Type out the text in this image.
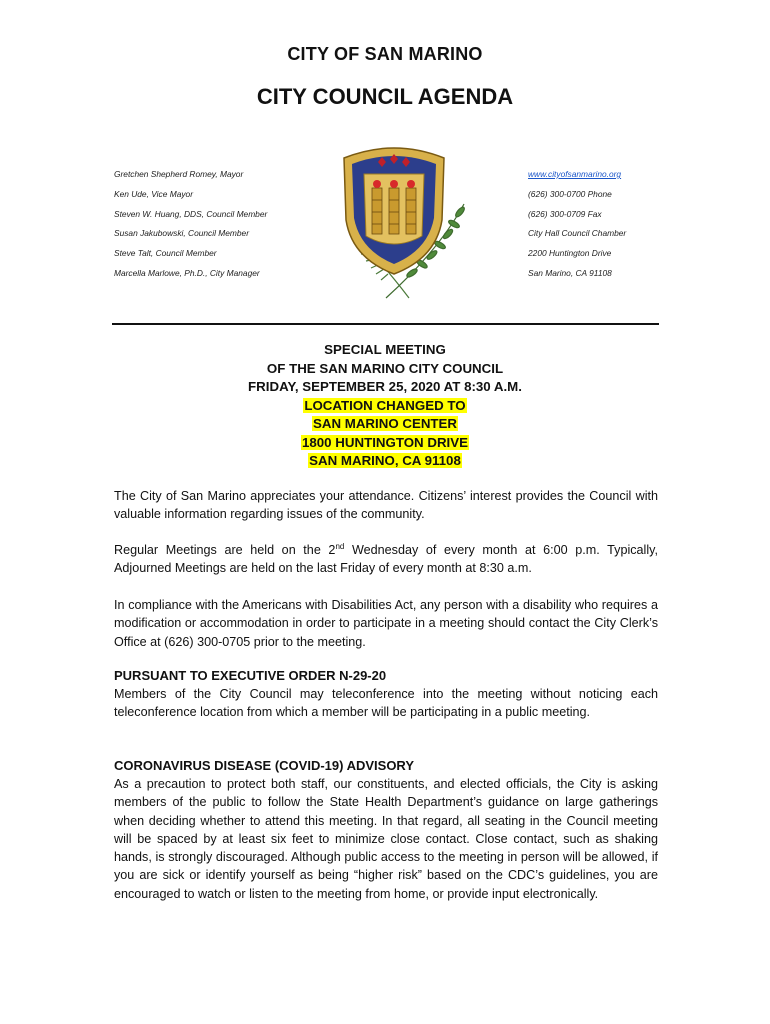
CITY OF SAN MARINO
CITY COUNCIL AGENDA
Gretchen Shepherd Romey, Mayor
Ken Ude, Vice Mayor
Steven W. Huang, DDS, Council Member
Susan Jakubowski, Council Member
Steve Talt, Council Member
Marcella Marlowe, Ph.D., City Manager
www.cityofsanmarino.org
(626) 300-0700 Phone
(626) 300-0709 Fax
City Hall Council Chamber
2200 Huntington Drive
San Marino, CA 91108
SPECIAL MEETING
OF THE SAN MARINO CITY COUNCIL
FRIDAY, SEPTEMBER 25, 2020 AT 8:30 A.M.
LOCATION CHANGED TO
SAN MARINO CENTER
1800 HUNTINGTON DRIVE
SAN MARINO, CA 91108
The City of San Marino appreciates your attendance. Citizens’ interest provides the Council with valuable information regarding issues of the community.
Regular Meetings are held on the 2nd Wednesday of every month at 6:00 p.m. Typically, Adjourned Meetings are held on the last Friday of every month at 8:30 a.m.
In compliance with the Americans with Disabilities Act, any person with a disability who requires a modification or accommodation in order to participate in a meeting should contact the City Clerk’s Office at (626) 300-0705 prior to the meeting.
PURSUANT TO EXECUTIVE ORDER N-29-20
Members of the City Council may teleconference into the meeting without noticing each teleconference location from which a member will be participating in a public meeting.
CORONAVIRUS DISEASE (COVID-19) ADVISORY
As a precaution to protect both staff, our constituents, and elected officials, the City is asking members of the public to follow the State Health Department’s guidance on large gatherings when deciding whether to attend this meeting. In that regard, all seating in the Council meeting will be spaced by at least six feet to minimize close contact. Close contact, such as shaking hands, is strongly discouraged. Although public access to the meeting in person will be allowed, if you are sick or identify yourself as being “higher risk” based on the CDC’s guidelines, you are encouraged to watch or listen to the meeting from home, or provide input electronically.
